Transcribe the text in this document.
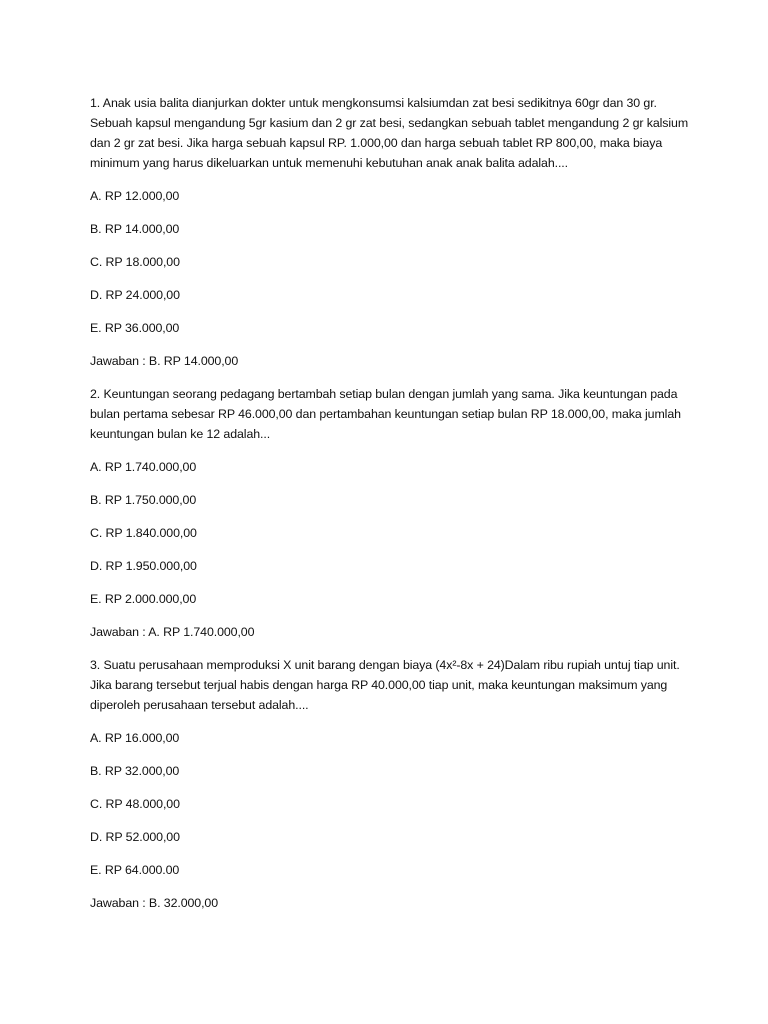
1. Anak usia balita dianjurkan dokter untuk mengkonsumsi kalsiumdan zat besi sedikitnya 60gr dan 30 gr. Sebuah kapsul mengandung 5gr kasium dan 2 gr zat besi, sedangkan sebuah tablet mengandung 2 gr kalsium dan 2 gr zat besi. Jika harga sebuah kapsul RP. 1.000,00 dan harga sebuah tablet RP 800,00, maka biaya minimum yang harus dikeluarkan untuk memenuhi kebutuhan anak anak balita adalah....

A. RP 12.000,00
B. RP 14.000,00
C. RP 18.000,00
D. RP 24.000,00
E. RP 36.000,00
Jawaban : B. RP 14.000,00

2. Keuntungan seorang pedagang bertambah setiap bulan dengan jumlah yang sama. Jika keuntungan pada bulan pertama sebesar RP 46.000,00 dan pertambahan keuntungan setiap bulan RP 18.000,00, maka jumlah keuntungan bulan ke 12 adalah...

A. RP 1.740.000,00
B. RP 1.750.000,00
C. RP 1.840.000,00
D. RP 1.950.000,00
E. RP 2.000.000,00
Jawaban : A. RP 1.740.000,00

3. Suatu perusahaan memproduksi X unit barang dengan biaya (4x²-8x + 24)Dalam ribu rupiah untuj tiap unit. Jika barang tersebut terjual habis dengan harga RP 40.000,00 tiap unit, maka keuntungan maksimum yang diperoleh perusahaan tersebut adalah....

A. RP 16.000,00
B. RP 32.000,00
C. RP 48.000,00
D. RP 52.000,00
E. RP 64.000.00
Jawaban : B. 32.000,00
